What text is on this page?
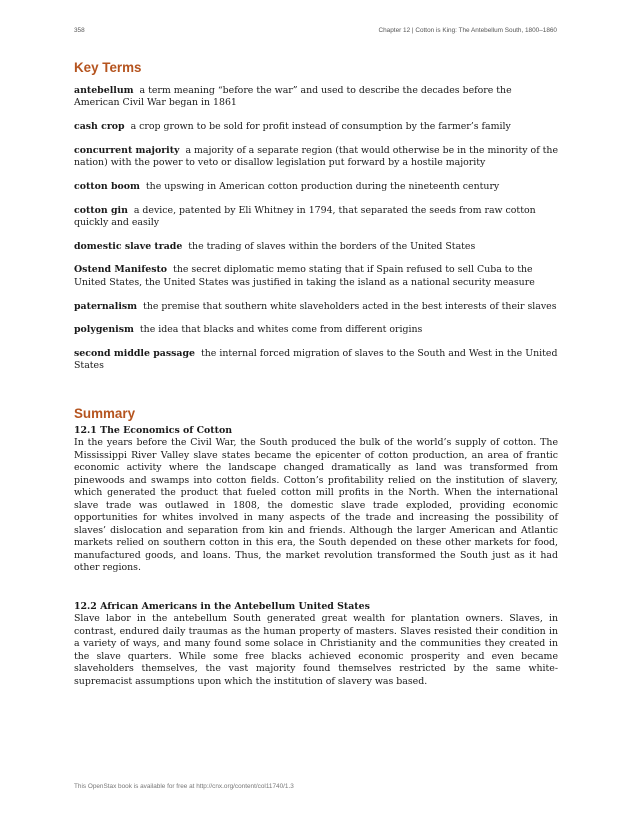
358	Chapter 12 | Cotton is King: The Antebellum South, 1800–1860
Key Terms
antebellum a term meaning “before the war” and used to describe the decades before the American Civil War began in 1861
cash crop a crop grown to be sold for profit instead of consumption by the farmer’s family
concurrent majority a majority of a separate region (that would otherwise be in the minority of the nation) with the power to veto or disallow legislation put forward by a hostile majority
cotton boom the upswing in American cotton production during the nineteenth century
cotton gin a device, patented by Eli Whitney in 1794, that separated the seeds from raw cotton quickly and easily
domestic slave trade the trading of slaves within the borders of the United States
Ostend Manifesto the secret diplomatic memo stating that if Spain refused to sell Cuba to the United States, the United States was justified in taking the island as a national security measure
paternalism the premise that southern white slaveholders acted in the best interests of their slaves
polygenism the idea that blacks and whites come from different origins
second middle passage the internal forced migration of slaves to the South and West in the United States
Summary
12.1 The Economics of Cotton

In the years before the Civil War, the South produced the bulk of the world’s supply of cotton. The Mississippi River Valley slave states became the epicenter of cotton production, an area of frantic economic activity where the landscape changed dramatically as land was transformed from pinewoods and swamps into cotton fields. Cotton’s profitability relied on the institution of slavery, which generated the product that fueled cotton mill profits in the North. When the international slave trade was outlawed in 1808, the domestic slave trade exploded, providing economic opportunities for whites involved in many aspects of the trade and increasing the possibility of slaves’ dislocation and separation from kin and friends. Although the larger American and Atlantic markets relied on southern cotton in this era, the South depended on these other markets for food, manufactured goods, and loans. Thus, the market revolution transformed the South just as it had other regions.

12.2 African Americans in the Antebellum United States

Slave labor in the antebellum South generated great wealth for plantation owners. Slaves, in contrast, endured daily traumas as the human property of masters. Slaves resisted their condition in a variety of ways, and many found some solace in Christianity and the communities they created in the slave quarters. While some free blacks achieved economic prosperity and even became slaveholders themselves, the vast majority found themselves restricted by the same white-supremacist assumptions upon which the institution of slavery was based.

This OpenStax book is available for free at http://cnx.org/content/col11740/1.3
